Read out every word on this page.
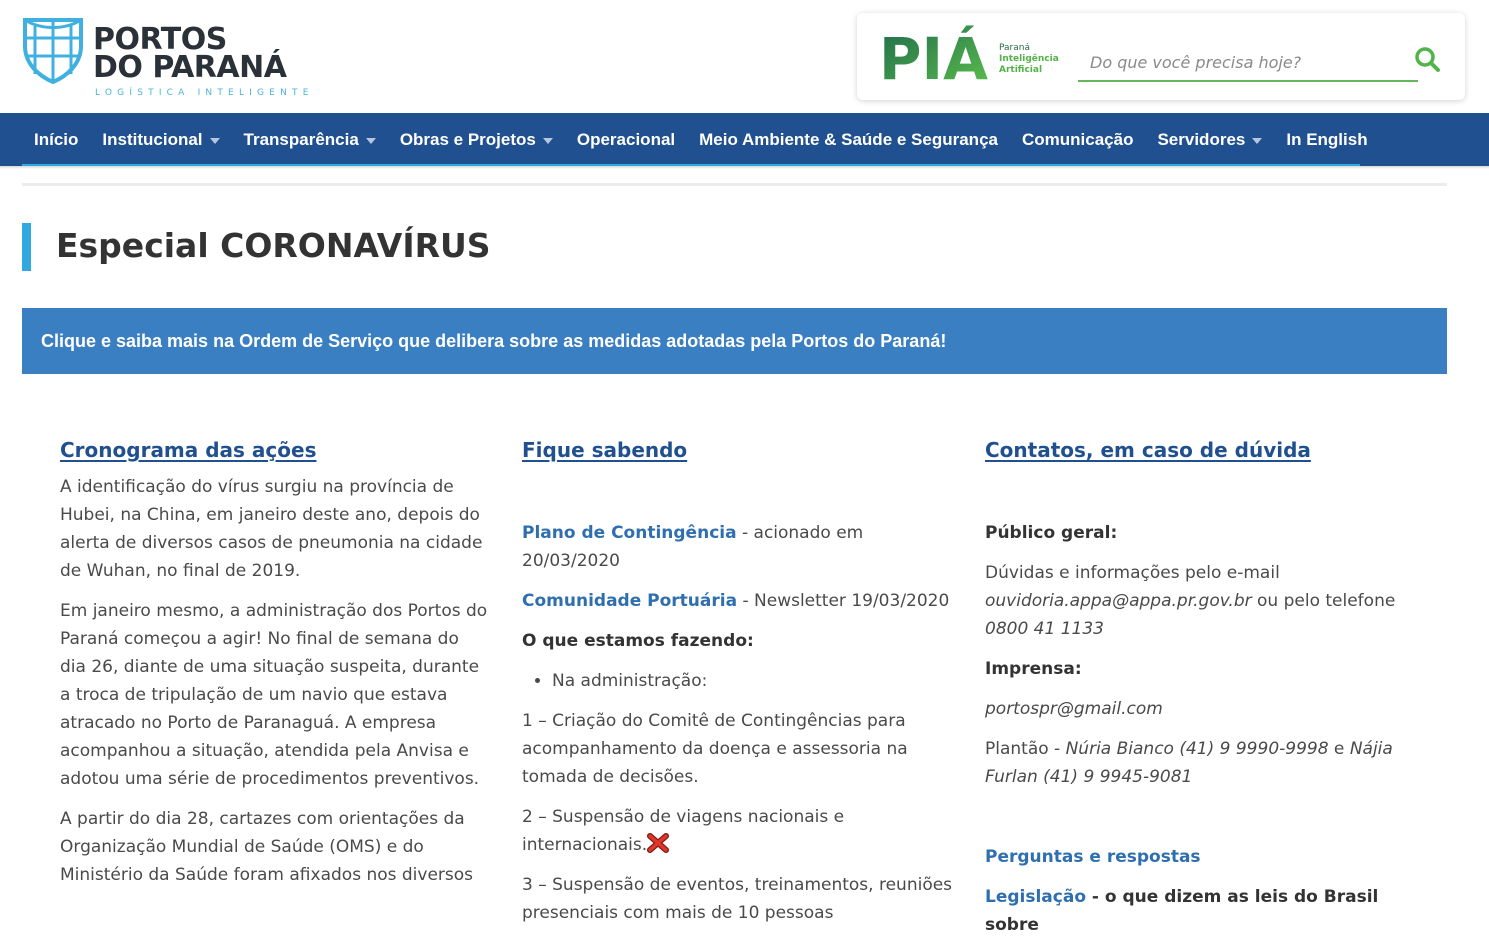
PORTOS
DO PARANÁ
LOGÍSTICA INTELIGENTE	PIÁ Paraná
Inteligência
Artificial
Do que você precisa hoje?
Início Institucional Transparência Obras e Projetos Operacional Meio Ambiente & Saúde e Segurança Comunicação Servidores In English
Especial CORONAVÍRUS
Clique e saiba mais na Ordem de Serviço que delibera sobre as medidas adotadas pela Portos do Paraná!
Cronograma das ações

A identificação do vírus surgiu na província de Hubei, na China, em janeiro deste ano, depois do alerta de diversos casos de pneumonia na cidade de Wuhan, no final de 2019.

Em janeiro mesmo, a administração dos Portos do Paraná começou a agir! No final de semana do dia 26, diante de uma situação suspeita, durante a troca de tripulação de um navio que estava atracado no Porto de Paranaguá. A empresa acompanhou a situação, atendida pela Anvisa e adotou uma série de procedimentos preventivos.

A partir do dia 28, cartazes com orientações da Organização Mundial de Saúde (OMS) e do Ministério da Saúde foram afixados nos diversos

Fique sabendo

Plano de Contingência - acionado em 20/03/2020

Comunidade Portuária - Newsletter 19/03/2020

O que estamos fazendo:

• Na administração:

1 – Criação do Comitê de Contingências para acompanhamento da doença e assessoria na tomada de decisões.

2 – Suspensão de viagens nacionais e internacionais.

3 – Suspensão de eventos, treinamentos, reuniões presenciais com mais de 10 pessoas

Contatos, em caso de dúvida

Público geral:

Dúvidas e informações pelo e-mail ouvidoria.appa@appa.pr.gov.br ou pelo telefone 0800 41 1133

Imprensa:

portospr@gmail.com

Plantão - Núria Bianco (41) 9 9990-9998 e Nájia Furlan (41) 9 9945-9081

Perguntas e respostas

Legislação - o que dizem as leis do Brasil sobre
